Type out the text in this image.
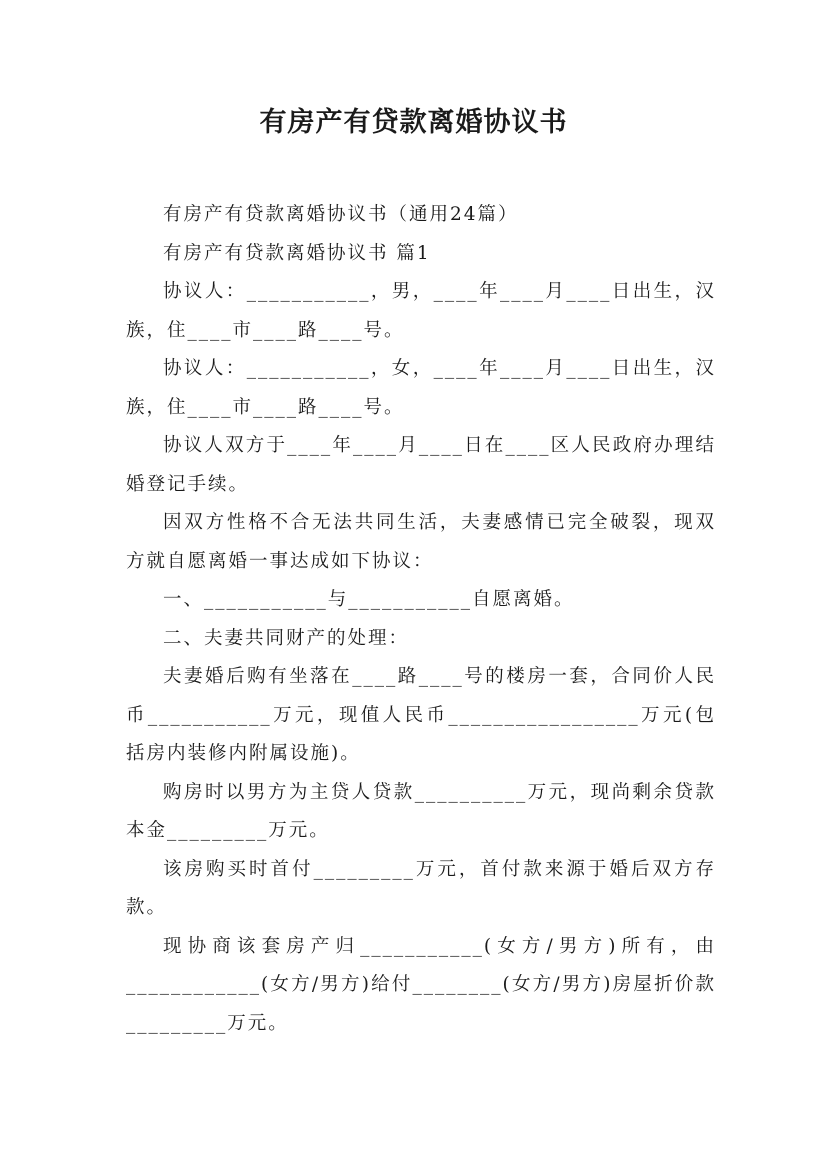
有房产有贷款离婚协议书

有房产有贷款离婚协议书（通用24篇）

有房产有贷款离婚协议书 篇1

协议人：___________，男，____年____月____日出生，汉族，住____市____路____号。

协议人：___________，女，____年____月____日出生，汉族，住____市____路____号。

协议人双方于____年____月____日在____区人民政府办理结婚登记手续。

因双方性格不合无法共同生活，夫妻感情已完全破裂，现双方就自愿离婚一事达成如下协议：

一、___________与___________自愿离婚。

二、夫妻共同财产的处理：

夫妻婚后购有坐落在____路____号的楼房一套，合同价人民币___________万元，现值人民币_________________万元(包括房内装修内附属设施)。

购房时以男方为主贷人贷款__________万元，现尚剩余贷款本金_________万元。

该房购买时首付_________万元，首付款来源于婚后双方存款。

现协商该套房产归___________(女方/男方)所有，由____________(女方/男方)给付________(女方/男方)房屋折价款_________万元。
